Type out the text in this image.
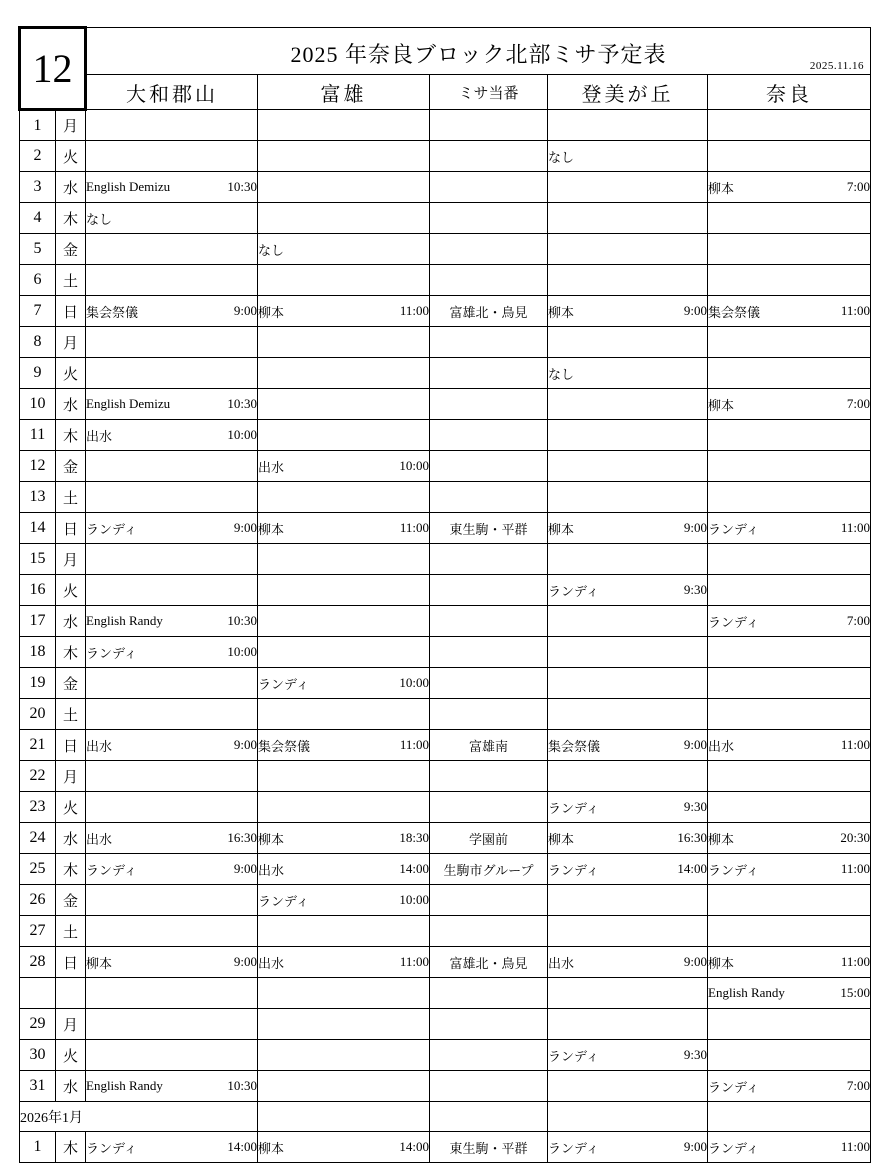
12		2025 年奈良ブロック北部ミサ予定表 2025.11.16				

		大和郡山	富雄	ミサ当番	登美が丘	奈良
1	月	

2	火				なし	

3	水	English Demizu 10:30				柳本 7:00

4	木	なし				

5	金		なし			

6	土	

7	日	集会祭儀 9:00	柳本 11:00	富雄北・鳥見	柳本 9:00	集会祭儀 11:00

8	月	

9	火				なし	

10	水	English Demizu 10:30				柳本 7:00

11	木	出水 10:00				

12	金		出水 10:00			

13	土	

14	日	ランディ 9:00	柳本 11:00	東生駒・平群	柳本 9:00	ランディ 11:00

15	月	

16	火				ランディ 9:30	

17	水	English Randy 10:30				ランディ 7:00

18	木	ランディ 10:00				

19	金		ランディ 10:00			

20	土	

21	日	出水 9:00	集会祭儀 11:00	富雄南	集会祭儀 9:00	出水 11:00

22	月	

23	火				ランディ 9:30	

24	水	出水 16:30	柳本 18:30	学園前	柳本 16:30	柳本 20:30

25	木	ランディ 9:00	出水 14:00	生駒市グループ	ランディ 14:00	ランディ 11:00

26	金		ランディ 10:00			

27	土	

28	日	柳本 9:00	出水 11:00	富雄北・鳥見	出水 9:00	柳本 11:00

						English Randy 15:00

29	月	

30	火				ランディ 9:30	

31	水	English Randy 10:30				ランディ 7:00

2026年1月						
1	木	ランディ 14:00	柳本 14:00	東生駒・平群	ランディ 9:00	ランディ 11:00
